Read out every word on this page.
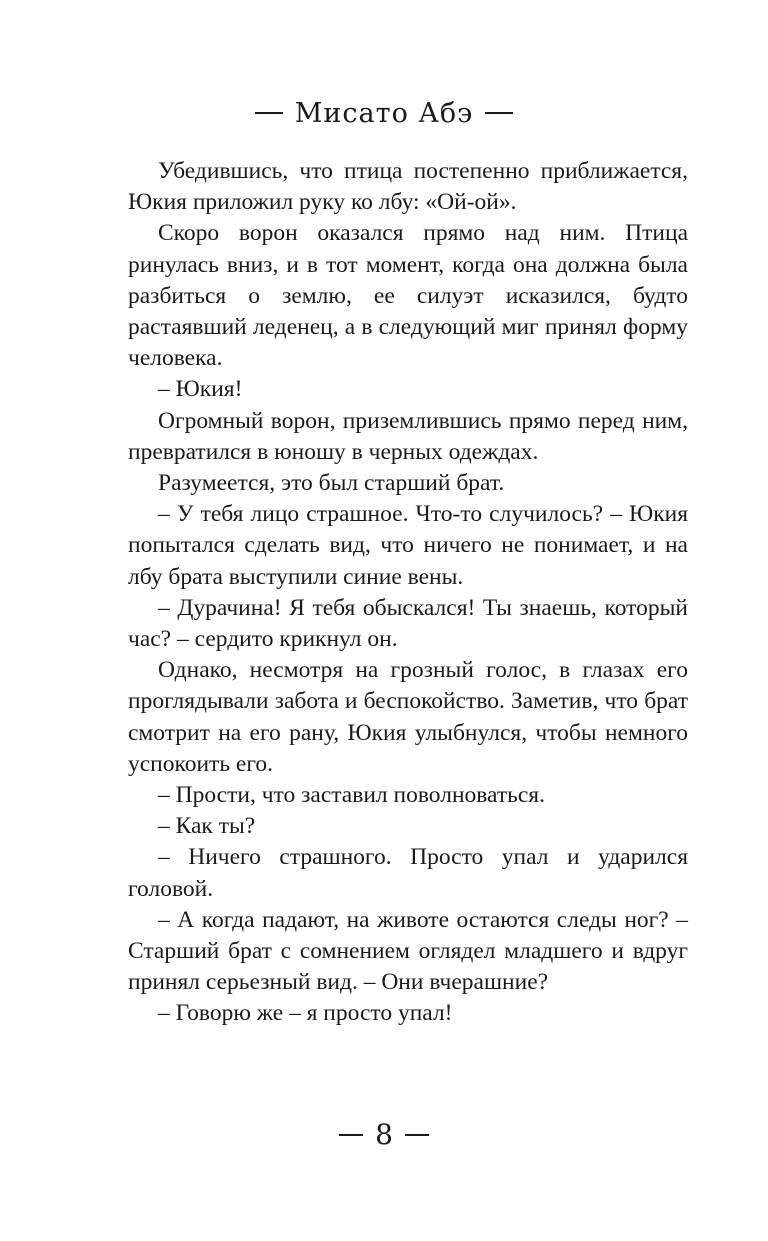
Мисато Абэ

Убедившись, что птица постепенно приближается, Юкия приложил руку ко лбу: «Ой-ой».

Скоро ворон оказался прямо над ним. Птица ринулась вниз, и в тот момент, когда она должна была разбиться о землю, ее силуэт исказился, будто растаявший леденец, а в следующий миг принял форму человека.

– Юкия!

Огромный ворон, приземлившись прямо перед ним, превратился в юношу в черных одеждах.

Разумеется, это был старший брат.

– У тебя лицо страшное. Что-то случилось? – Юкия попытался сделать вид, что ничего не понимает, и на лбу брата выступили синие вены.

– Дурачина! Я тебя обыскался! Ты знаешь, который час? – сердито крикнул он.

Однако, несмотря на грозный голос, в глазах его проглядывали забота и беспокойство. Заметив, что брат смотрит на его рану, Юкия улыбнулся, чтобы немного успокоить его.

– Прости, что заставил поволноваться.

– Как ты?

– Ничего страшного. Просто упал и ударился головой.

– А когда падают, на животе остаются следы ног? – Старший брат с сомнением оглядел младшего и вдруг принял серьезный вид. – Они вчерашние?

– Говорю же – я просто упал!

8
